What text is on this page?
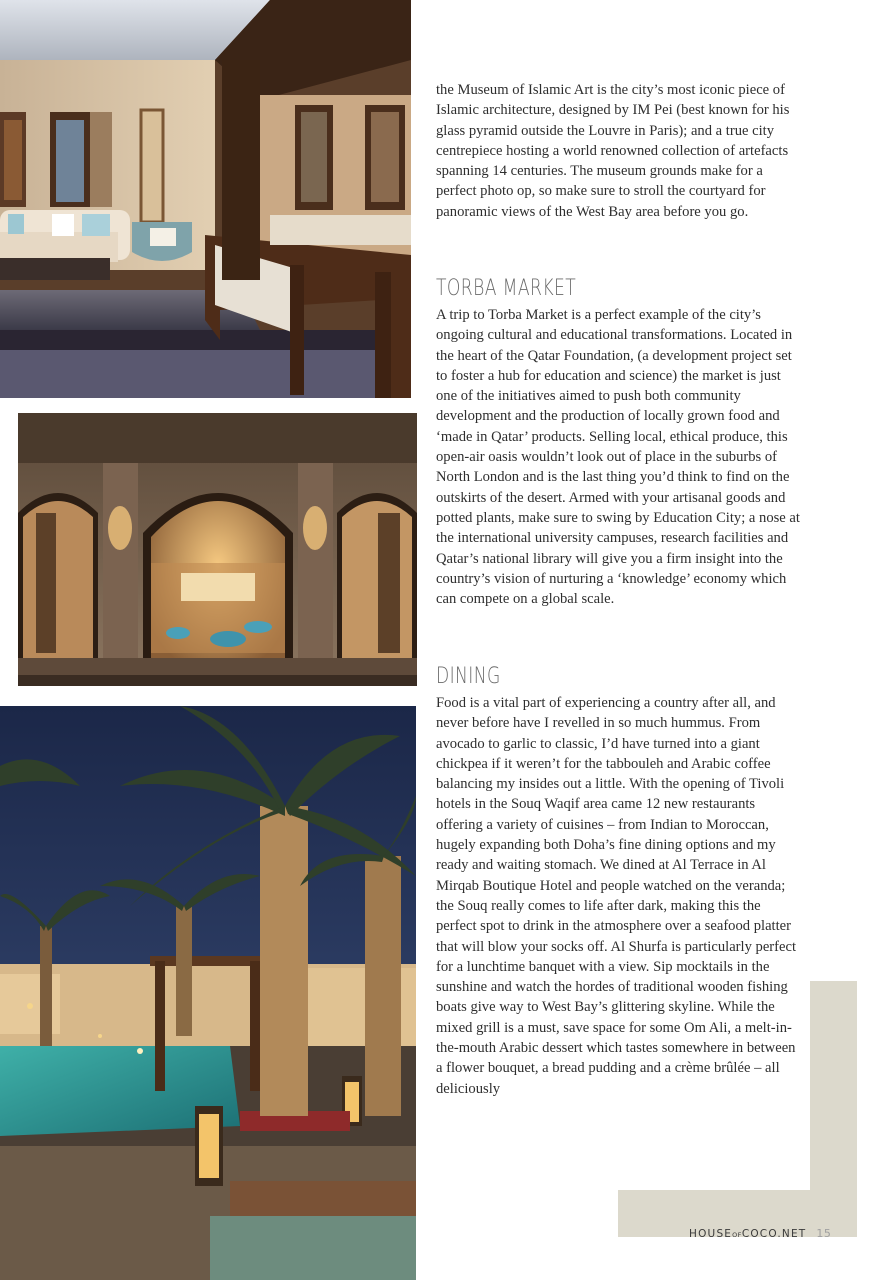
the Museum of Islamic Art is the city’s most iconic piece of Islamic architecture, designed by IM Pei (best known for his glass pyramid outside the Louvre in Paris); and a true city centrepiece hosting a world renowned collection of artefacts spanning 14 centuries. The museum grounds make for a perfect photo op, so make sure to stroll the courtyard for panoramic views of the West Bay area before you go.

TORBA MARKET

A trip to Torba Market is a perfect example of the city’s ongoing cultural and educational transformations. Located in the heart of the Qatar Foundation, (a development project set to foster a hub for education and science) the market is just one of the initiatives aimed to push both community development and the production of locally grown food and ‘made in Qatar’ products. Selling local, ethical produce, this open-air oasis wouldn’t look out of place in the suburbs of North London and is the last thing you’d think to find on the outskirts of the desert. Armed with your artisanal goods and potted plants, make sure to swing by Education City; a nose at the international university campuses, research facilities and Qatar’s national library will give you a firm insight into the country’s vision of nurturing a ‘knowledge’ economy which can compete on a global scale.

DINING

Food is a vital part of experiencing a country after all, and never before have I revelled in so much hummus. From avocado to garlic to classic, I’d have turned into a giant chickpea if it weren’t for the tabbouleh and Arabic coffee balancing my insides out a little. With the opening of Tivoli hotels in the Souq Waqif area came 12 new restaurants offering a variety of cuisines – from Indian to Moroccan, hugely expanding both Doha’s fine dining options and my ready and waiting stomach. We dined at Al Terrace in Al Mirqab Boutique Hotel and people watched on the veranda; the Souq really comes to life after dark, making this the perfect spot to drink in the atmosphere over a seafood platter that will blow your socks off. Al Shurfa is particularly perfect for a lunchtime banquet with a view. Sip mocktails in the sunshine and watch the hordes of traditional wooden fishing boats give way to West Bay’s glittering skyline. While the mixed grill is a must, save space for some Om Ali, a melt-in-the-mouth Arabic dessert which tastes somewhere in between a flower bouquet, a bread pudding and a crème brûlée – all deliciously

HOUSEOFCOCO.NET 15
